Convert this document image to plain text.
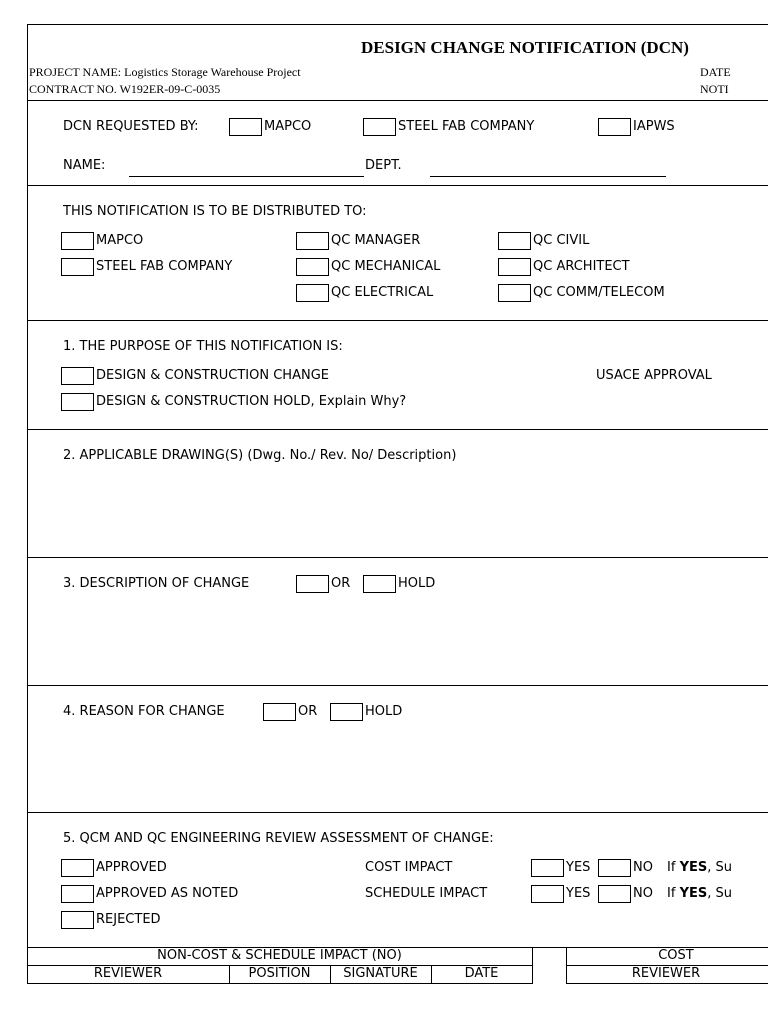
DESIGN CHANGE NOTIFICATION (DCN)
PROJECT NAME: Logistics Storage Warehouse Project
CONTRACT NO. W192ER-09-C-0035
DATE
NOTI
DCN REQUESTED BY:	MAPCO	STEEL FAB COMPANY	IAPWS
NAME:	DEPT.
THIS NOTIFICATION IS TO BE DISTRIBUTED TO:
MAPCO
STEEL FAB COMPANY
QC MANAGER
QC MECHANICAL
QC ELECTRICAL
QC CIVIL
QC ARCHITECT
QC COMM/TELECOM
1. THE PURPOSE OF THIS NOTIFICATION IS:
DESIGN & CONSTRUCTION CHANGE	USACE APPROVAL
DESIGN & CONSTRUCTION HOLD, Explain Why?
2. APPLICABLE DRAWING(S) (Dwg. No./ Rev. No/ Description)
3. DESCRIPTION OF CHANGE	OR	HOLD
4. REASON FOR CHANGE	OR	HOLD
5. QCM AND QC ENGINEERING REVIEW ASSESSMENT OF CHANGE:
APPROVED
APPROVED AS NOTED
REJECTED
COST IMPACT	YES	NO If YES, Su
SCHEDULE IMPACT	YES	NO If YES, Su
NON-COST & SCHEDULE IMPACT (NO)	COST
REVIEWER	POSITION	SIGNATURE	DATE	REVIEWER
